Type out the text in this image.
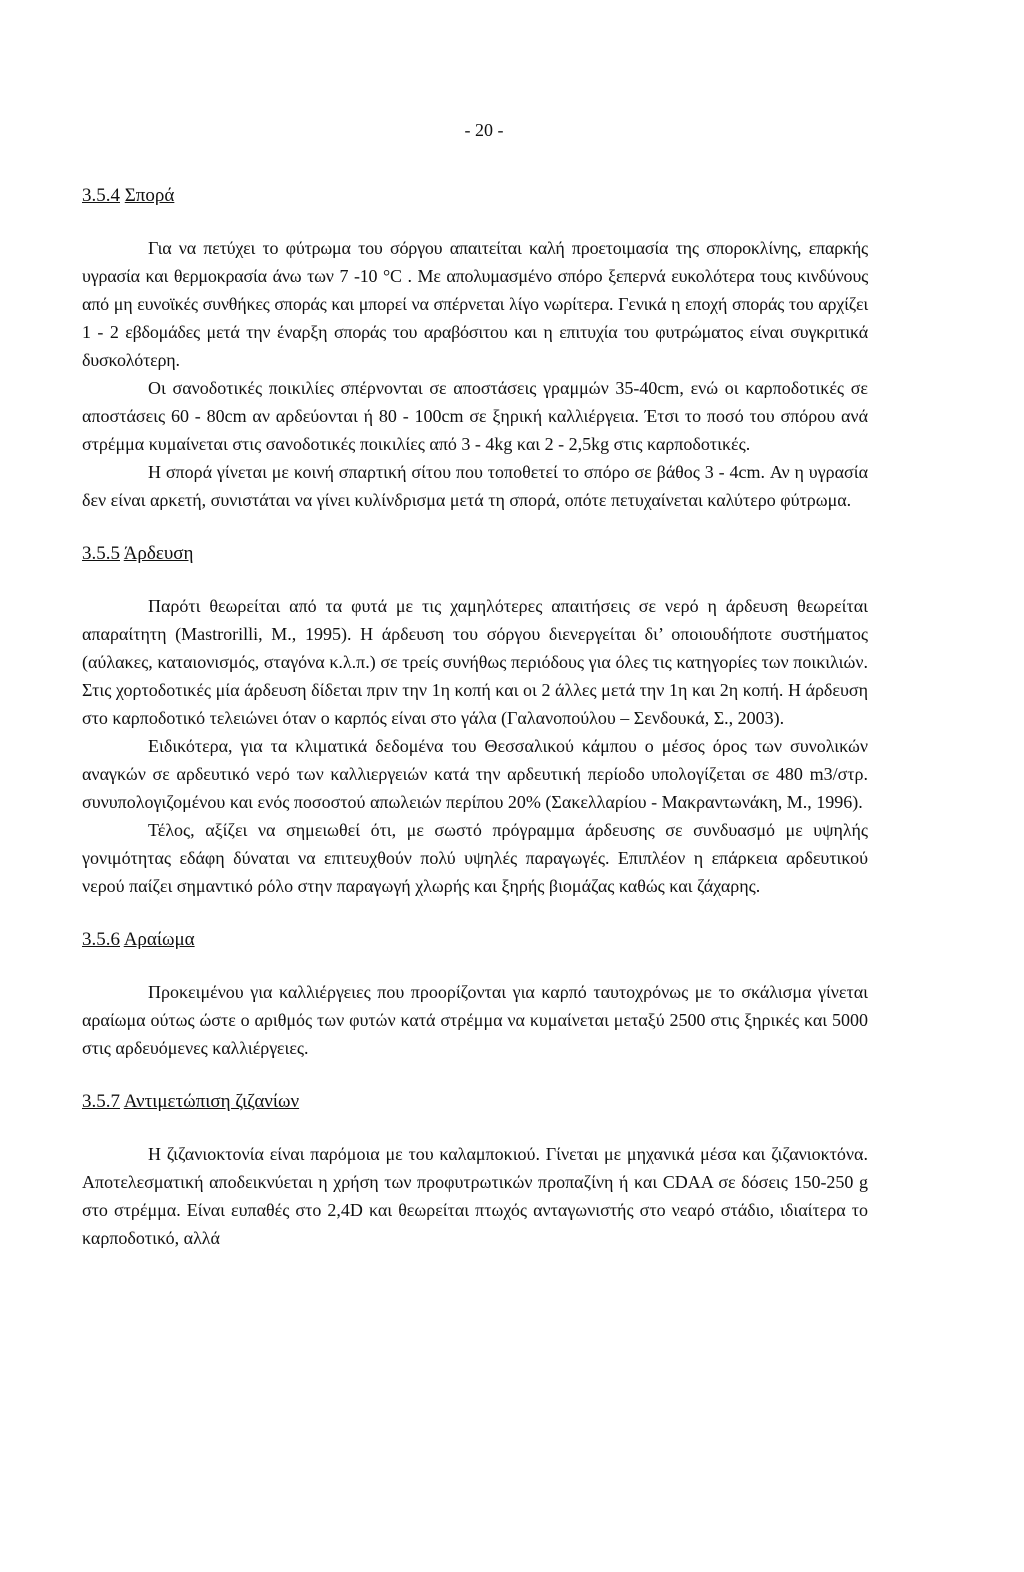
- 20 -
3.5.4 Σπορά

Για να πετύχει το φύτρωμα του σόργου απαιτείται καλή προετοιμασία της σποροκλίνης, επαρκής υγρασία και θερμοκρασία άνω των 7 -10 °C . Με απολυμασμένο σπόρο ξεπερνά ευκολότερα τους κινδύνους από μη ευνοϊκές συνθήκες σποράς και μπορεί να σπέρνεται λίγο νωρίτερα. Γενικά η εποχή σποράς του αρχίζει 1 - 2 εβδομάδες μετά την έναρξη σποράς του αραβόσιτου και η επιτυχία του φυτρώματος είναι συγκριτικά δυσκολότερη.

Οι σανοδοτικές ποικιλίες σπέρνονται σε αποστάσεις γραμμών 35-40cm, ενώ οι καρποδοτικές σε αποστάσεις 60 - 80cm αν αρδεύονται ή 80 - 100cm σε ξηρική καλλιέργεια. Έτσι το ποσό του σπόρου ανά στρέμμα κυμαίνεται στις σανοδοτικές ποικιλίες από 3 - 4kg και 2 - 2,5kg στις καρποδοτικές.

Η σπορά γίνεται με κοινή σπαρτική σίτου που τοποθετεί το σπόρο σε βάθος 3 - 4cm. Αν η υγρασία δεν είναι αρκετή, συνιστάται να γίνει κυλίνδρισμα μετά τη σπορά, οπότε πετυχαίνεται καλύτερο φύτρωμα.

3.5.5 Άρδευση

Παρότι θεωρείται από τα φυτά με τις χαμηλότερες απαιτήσεις σε νερό η άρδευση θεωρείται απαραίτητη (Mastrorilli, M., 1995). Η άρδευση του σόργου διενεργείται δι’ οποιουδήποτε συστήματος (αύλακες, καταιονισμός, σταγόνα κ.λ.π.) σε τρείς συνήθως περιόδους για όλες τις κατηγορίες των ποικιλιών. Στις χορτοδοτικές μία άρδευση δίδεται πριν την 1η κοπή και οι 2 άλλες μετά την 1η και 2η κοπή. Η άρδευση στο καρποδοτικό τελειώνει όταν ο καρπός είναι στο γάλα (Γαλανοπούλου – Σενδουκά, Σ., 2003).

Ειδικότερα, για τα κλιματικά δεδομένα του Θεσσαλικού κάμπου ο μέσος όρος των συνολικών αναγκών σε αρδευτικό νερό των καλλιεργειών κατά την αρδευτική περίοδο υπολογίζεται σε 480 m3/στρ. συνυπολογιζομένου και ενός ποσοστού απωλειών περίπου 20% (Σακελλαρίου - Μακραντωνάκη, Μ., 1996).

Τέλος, αξίζει να σημειωθεί ότι, με σωστό πρόγραμμα άρδευσης σε συνδυασμό με υψηλής γονιμότητας εδάφη δύναται να επιτευχθούν πολύ υψηλές παραγωγές. Επιπλέον η επάρκεια αρδευτικού νερού παίζει σημαντικό ρόλο στην παραγωγή χλωρής και ξηρής βιομάζας καθώς και ζάχαρης.

3.5.6 Αραίωμα

Προκειμένου για καλλιέργειες που προορίζονται για καρπό ταυτοχρόνως με το σκάλισμα γίνεται αραίωμα ούτως ώστε ο αριθμός των φυτών κατά στρέμμα να κυμαίνεται μεταξύ 2500 στις ξηρικές και 5000 στις αρδευόμενες καλλιέργειες.

3.5.7 Αντιμετώπιση ζιζανίων

Η ζιζανιοκτονία είναι παρόμοια με του καλαμποκιού. Γίνεται με μηχανικά μέσα και ζιζανιοκτόνα. Αποτελεσματική αποδεικνύεται η χρήση των προφυτρωτικών προπαζίνη ή και CDAA σε δόσεις 150-250 g στο στρέμμα. Είναι ευπαθές στο 2,4D και θεωρείται πτωχός ανταγωνιστής στο νεαρό στάδιο, ιδιαίτερα το καρποδοτικό, αλλά
